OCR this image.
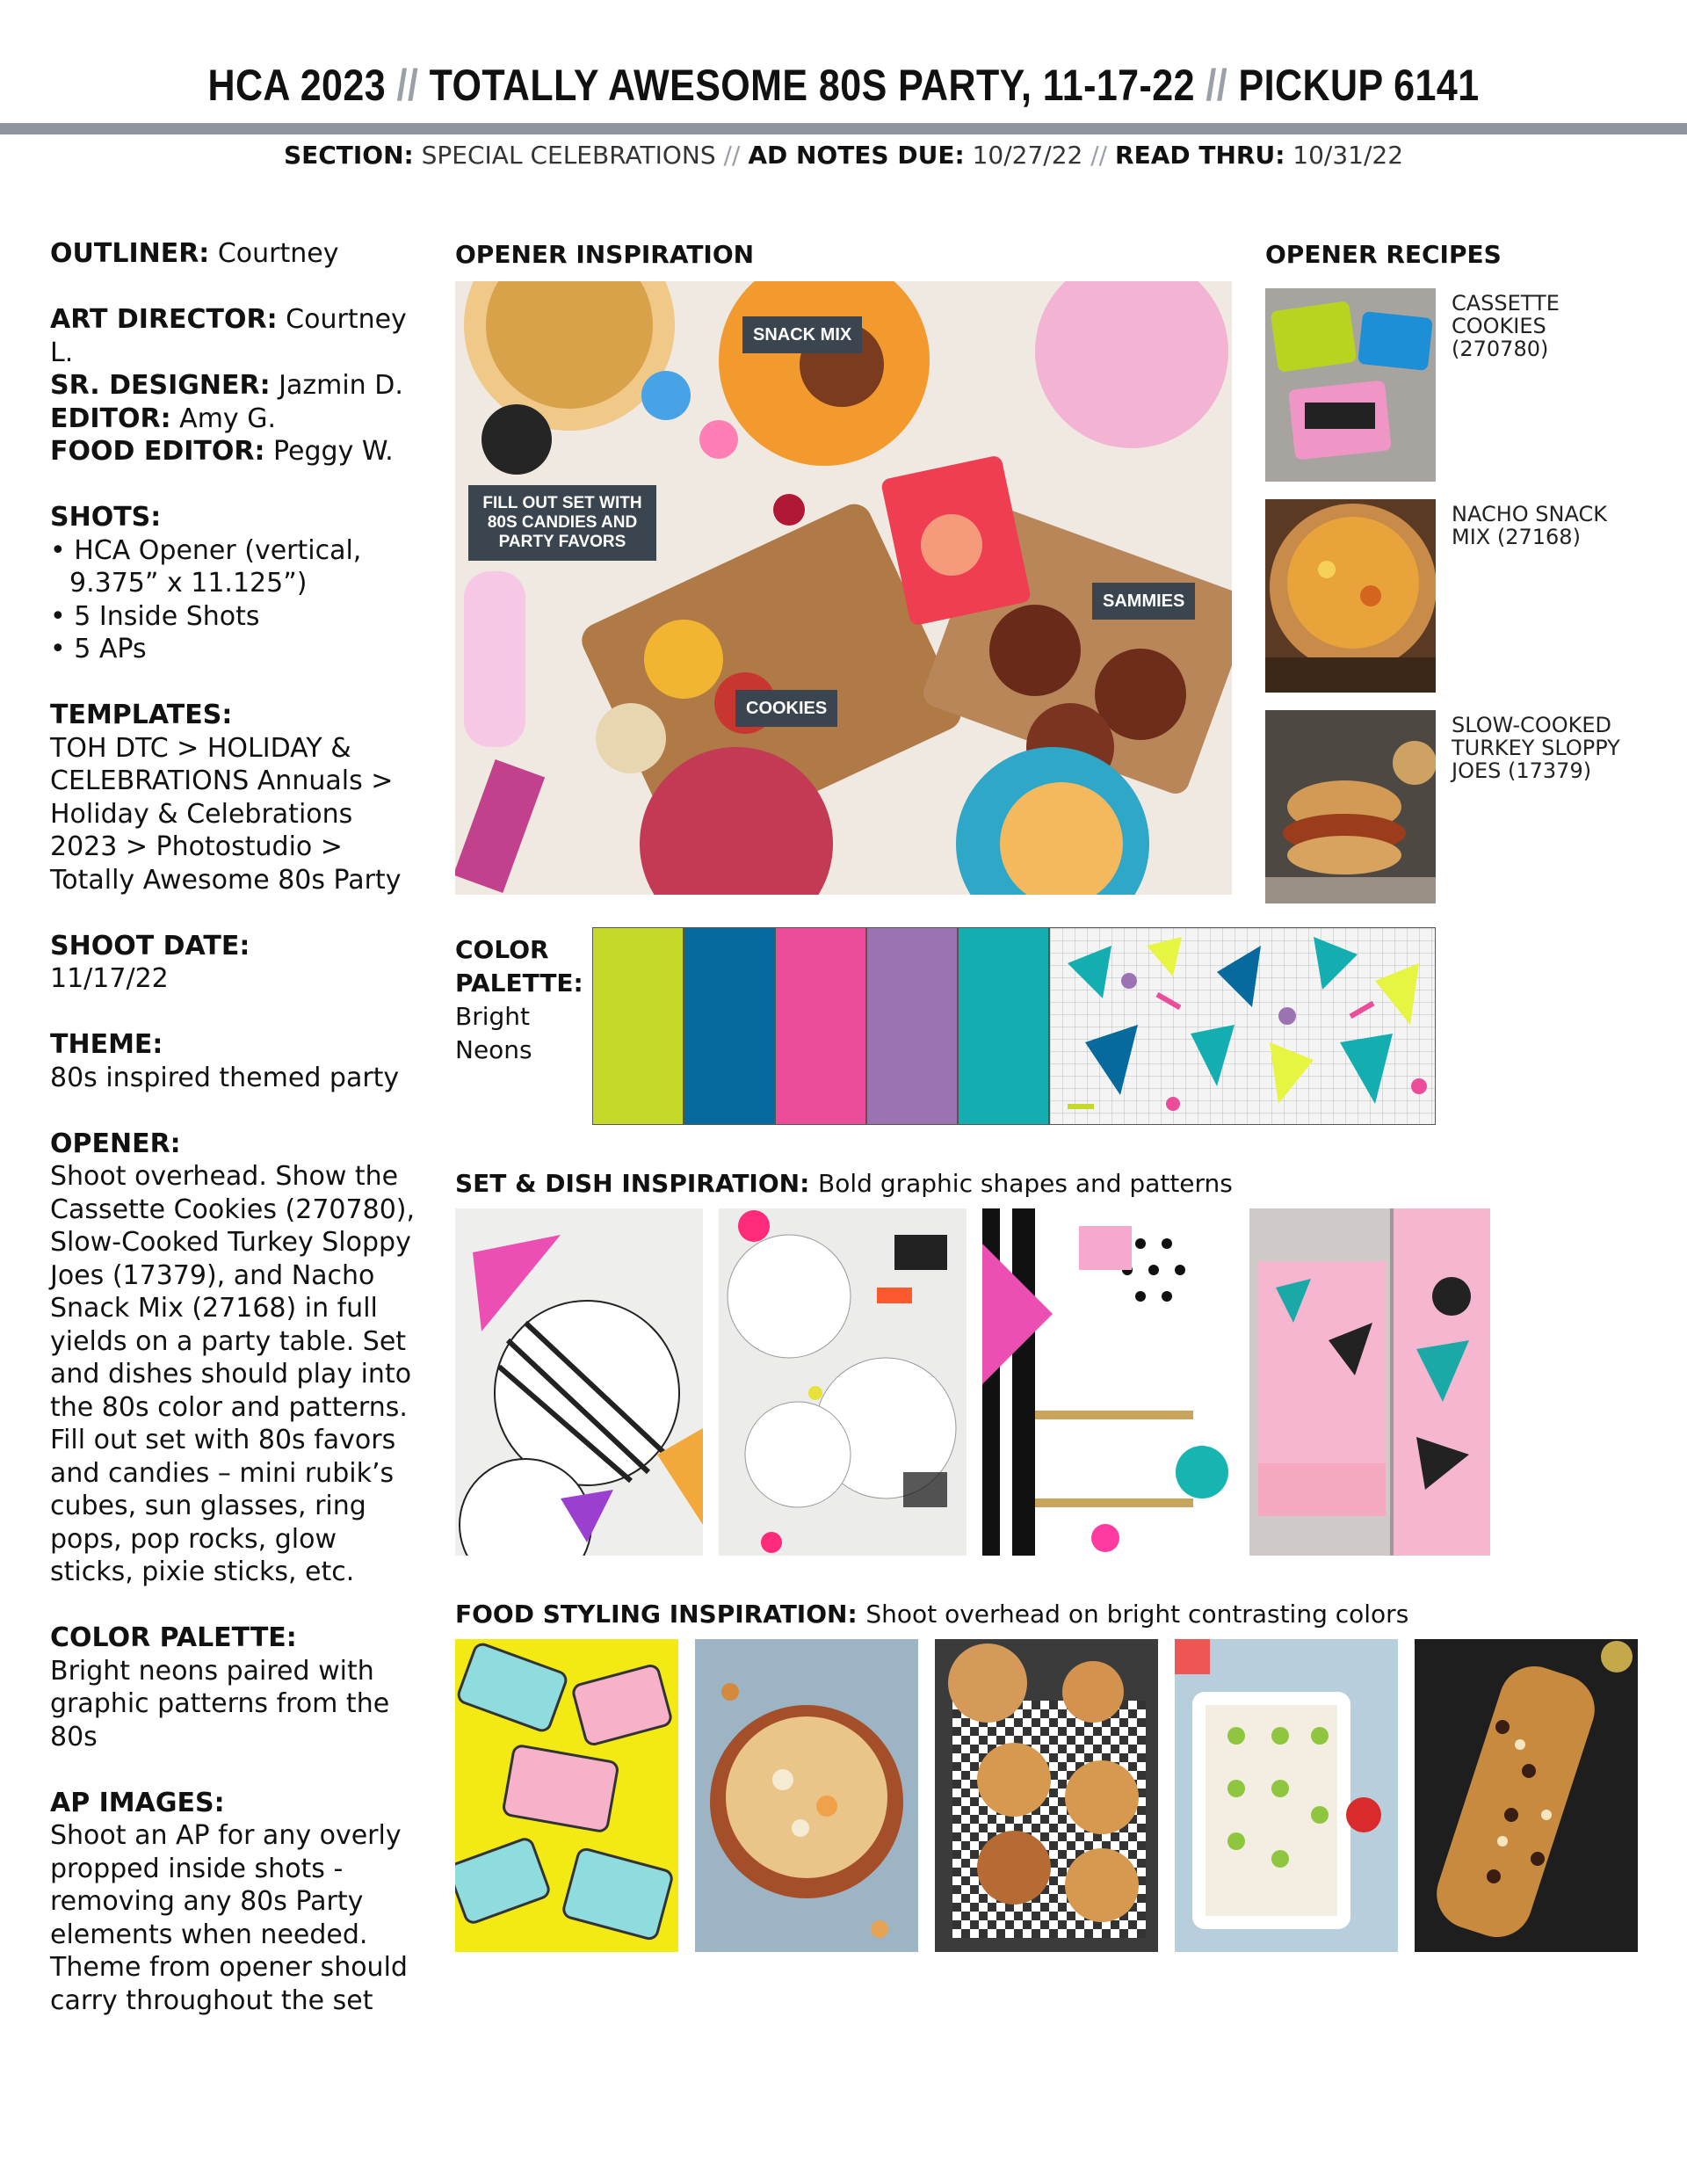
HCA 2023 // TOTALLY AWESOME 80S PARTY, 11-17-22 // PICKUP 6141
SECTION: SPECIAL CELEBRATIONS // AD NOTES DUE: 10/27/22 // READ THRU: 10/31/22

OUTLINER: Courtney

ART DIRECTOR: Courtney L.

SR. DESIGNER: Jazmin D.

EDITOR: Amy G.

FOOD EDITOR: Peggy W.

SHOTS:

• HCA Opener (vertical, 9.375” x 11.125”)

• 5 Inside Shots

• 5 APs

TEMPLATES:

TOH DTC > HOLIDAY & CELEBRATIONS Annuals > Holiday & Celebrations 2023 > Photostudio > Totally Awesome 80s Party

SHOOT DATE:

11/17/22

THEME:

80s inspired themed party

OPENER:

Shoot overhead. Show the Cassette Cookies (270780), Slow-Cooked Turkey Sloppy Joes (17379), and Nacho Snack Mix (27168) in full yields on a party table. Set and dishes should play into the 80s color and patterns. Fill out set with 80s favors and candies – mini rubik’s cubes, sun glasses, ring pops, pop rocks, glow sticks, pixie sticks, etc.

COLOR PALETTE:

Bright neons paired with graphic patterns from the 80s

AP IMAGES:

Shoot an AP for any overly propped inside shots - removing any 80s Party elements when needed. Theme from opener should carry throughout the set

OPENER INSPIRATION
SNACK MIX
FILL OUT SET WITH 80S CANDIES AND PARTY FAVORS
SAMMIES
COOKIES
OPENER RECIPES
CASSETTE COOKIES (270780)
NACHO SNACK MIX (27168)
SLOW-COOKED TURKEY SLOPPY JOES (17379)
COLOR
PALETTE:
Bright
Neons
SET & DISH INSPIRATION: Bold graphic shapes and patterns
FOOD STYLING INSPIRATION: Shoot overhead on bright contrasting colors
